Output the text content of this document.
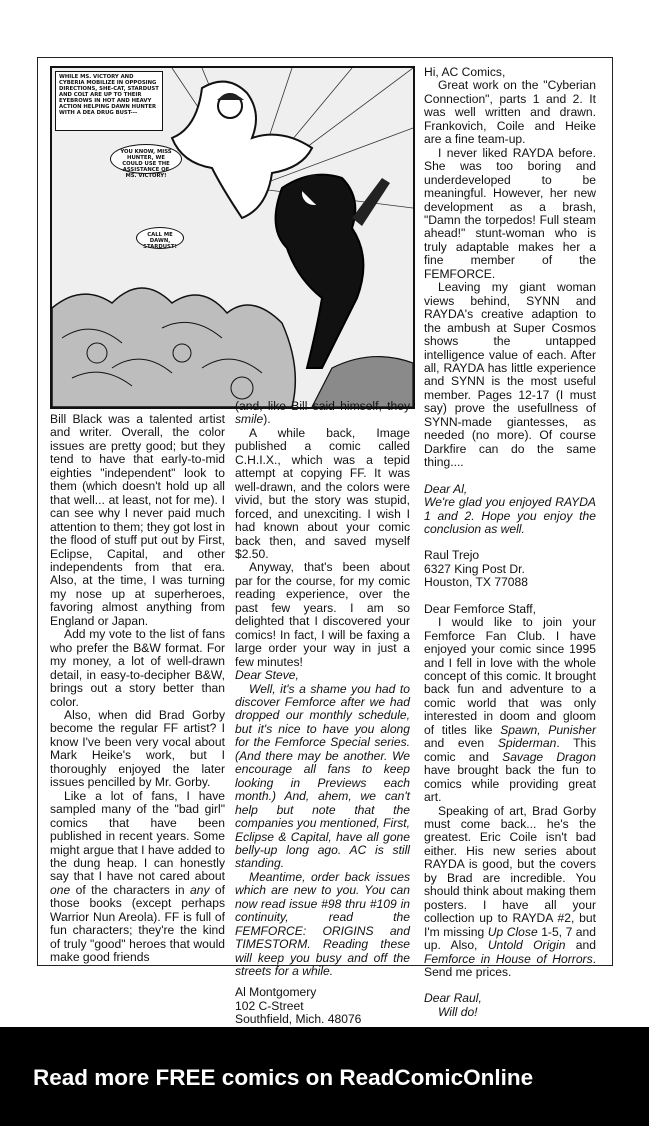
WHILE MS. VICTORY AND CYBERIA MOBILIZE IN OPPOSING DIRECTIONS, SHE-CAT, STARDUST AND COLT ARE UP TO THEIR EYEBROWS IN HOT AND HEAVY ACTION HELPING DAWN HUNTER WITH A DEA DRUG BUST---
YOU KNOW, MISS HUNTER, WE COULD USE THE ASSISTANCE OF MS. VICTORY!
CALL ME DAWN, STARDUST!

Bill Black was a talented artist and writer. Overall, the color issues are pretty good; but they tend to have that early-to-mid eighties "independent" look to them (which doesn't hold up all that well... at least, not for me). I can see why I never paid much attention to them; they got lost in the flood of stuff put out by First, Eclipse, Capital, and other independents from that era. Also, at the time, I was turning my nose up at superheroes, favoring almost anything from England or Japan.

Add my vote to the list of fans who prefer the B&W format. For my money, a lot of well-drawn detail, in easy-to-decipher B&W, brings out a story better than color.

Also, when did Brad Gorby become the regular FF artist? I know I've been very vocal about Mark Heike's work, but I thoroughly enjoyed the later issues pencilled by Mr. Gorby.

Like a lot of fans, I have sampled many of the "bad girl" comics that have been published in recent years. Some might argue that I have added to the dung heap. I can honestly say that I have not cared about one of the characters in any of those books (except perhaps Warrior Nun Areola). FF is full of fun characters; they're the kind of truly "good" heroes that would make good friends

(and, like Bill said himself, they smile).

A while back, Image published a comic called C.H.I.X., which was a tepid attempt at copying FF. It was well-drawn, and the colors were vivid, but the story was stupid, forced, and unexciting. I wish I had known about your comic back then, and saved myself $2.50.

Anyway, that's been about par for the course, for my comic reading experience, over the past few years. I am so delighted that I discovered your comics! In fact, I will be faxing a large order your way in just a few minutes!

Dear Steve,

Well, it's a shame you had to discover Femforce after we had dropped our monthly schedule, but it's nice to have you along for the Femforce Special series. (And there may be another. We encourage all fans to keep looking in Previews each month.) And, ahem, we can't help but note that the companies you mentioned, First, Eclipse & Capital, have all gone belly-up long ago. AC is still standing.

Meantime, order back issues which are new to you. You can now read issue #98 thru #109 in continuity, read the FEMFORCE: ORIGINS and TIMESTORM. Reading these will keep you busy and off the streets for a while.

Al Montgomery

102 C-Street

Southfield, Mich. 48076

Hi, AC Comics,

Great work on the "Cyberian Connection", parts 1 and 2. It was well written and drawn. Frankovich, Coile and Heike are a fine team-up.

I never liked RAYDA before. She was too boring and underdeveloped to be meaningful. However, her new development as a brash, "Damn the torpedos! Full steam ahead!" stunt-woman who is truly adaptable makes her a fine member of the FEMFORCE.

Leaving my giant woman views behind, SYNN and RAYDA's creative adaption to the ambush at Super Cosmos shows the untapped intelligence value of each. After all, RAYDA has little experience and SYNN is the most useful member. Pages 12-17 (I must say) prove the usefullness of SYNN-made giantesses, as needed (no more). Of course Darkfire can do the same thing....

Dear Al,

We're glad you enjoyed RAYDA 1 and 2. Hope you enjoy the conclusion as well.

Raul Trejo

6327 King Post Dr.

Houston, TX 77088

Dear Femforce Staff,

I would like to join your Femforce Fan Club. I have enjoyed your comic since 1995 and I fell in love with the whole concept of this comic. It brought back fun and adventure to a comic world that was only interested in doom and gloom of titles like Spawn, Punisher and even Spiderman. This comic and Savage Dragon have brought back the fun to comics while providing great art.

Speaking of art, Brad Gorby must come back... he's the greatest. Eric Coile isn't bad either. His new series about RAYDA is good, but the covers by Brad are incredible. You should think about making them posters. I have all your collection up to RAYDA #2, but I'm missing Up Close 1-5, 7 and up. Also, Untold Origin and Femforce in House of Horrors. Send me prices.

Dear Raul,

Will do!

Read more FREE comics on ReadComicOnline
